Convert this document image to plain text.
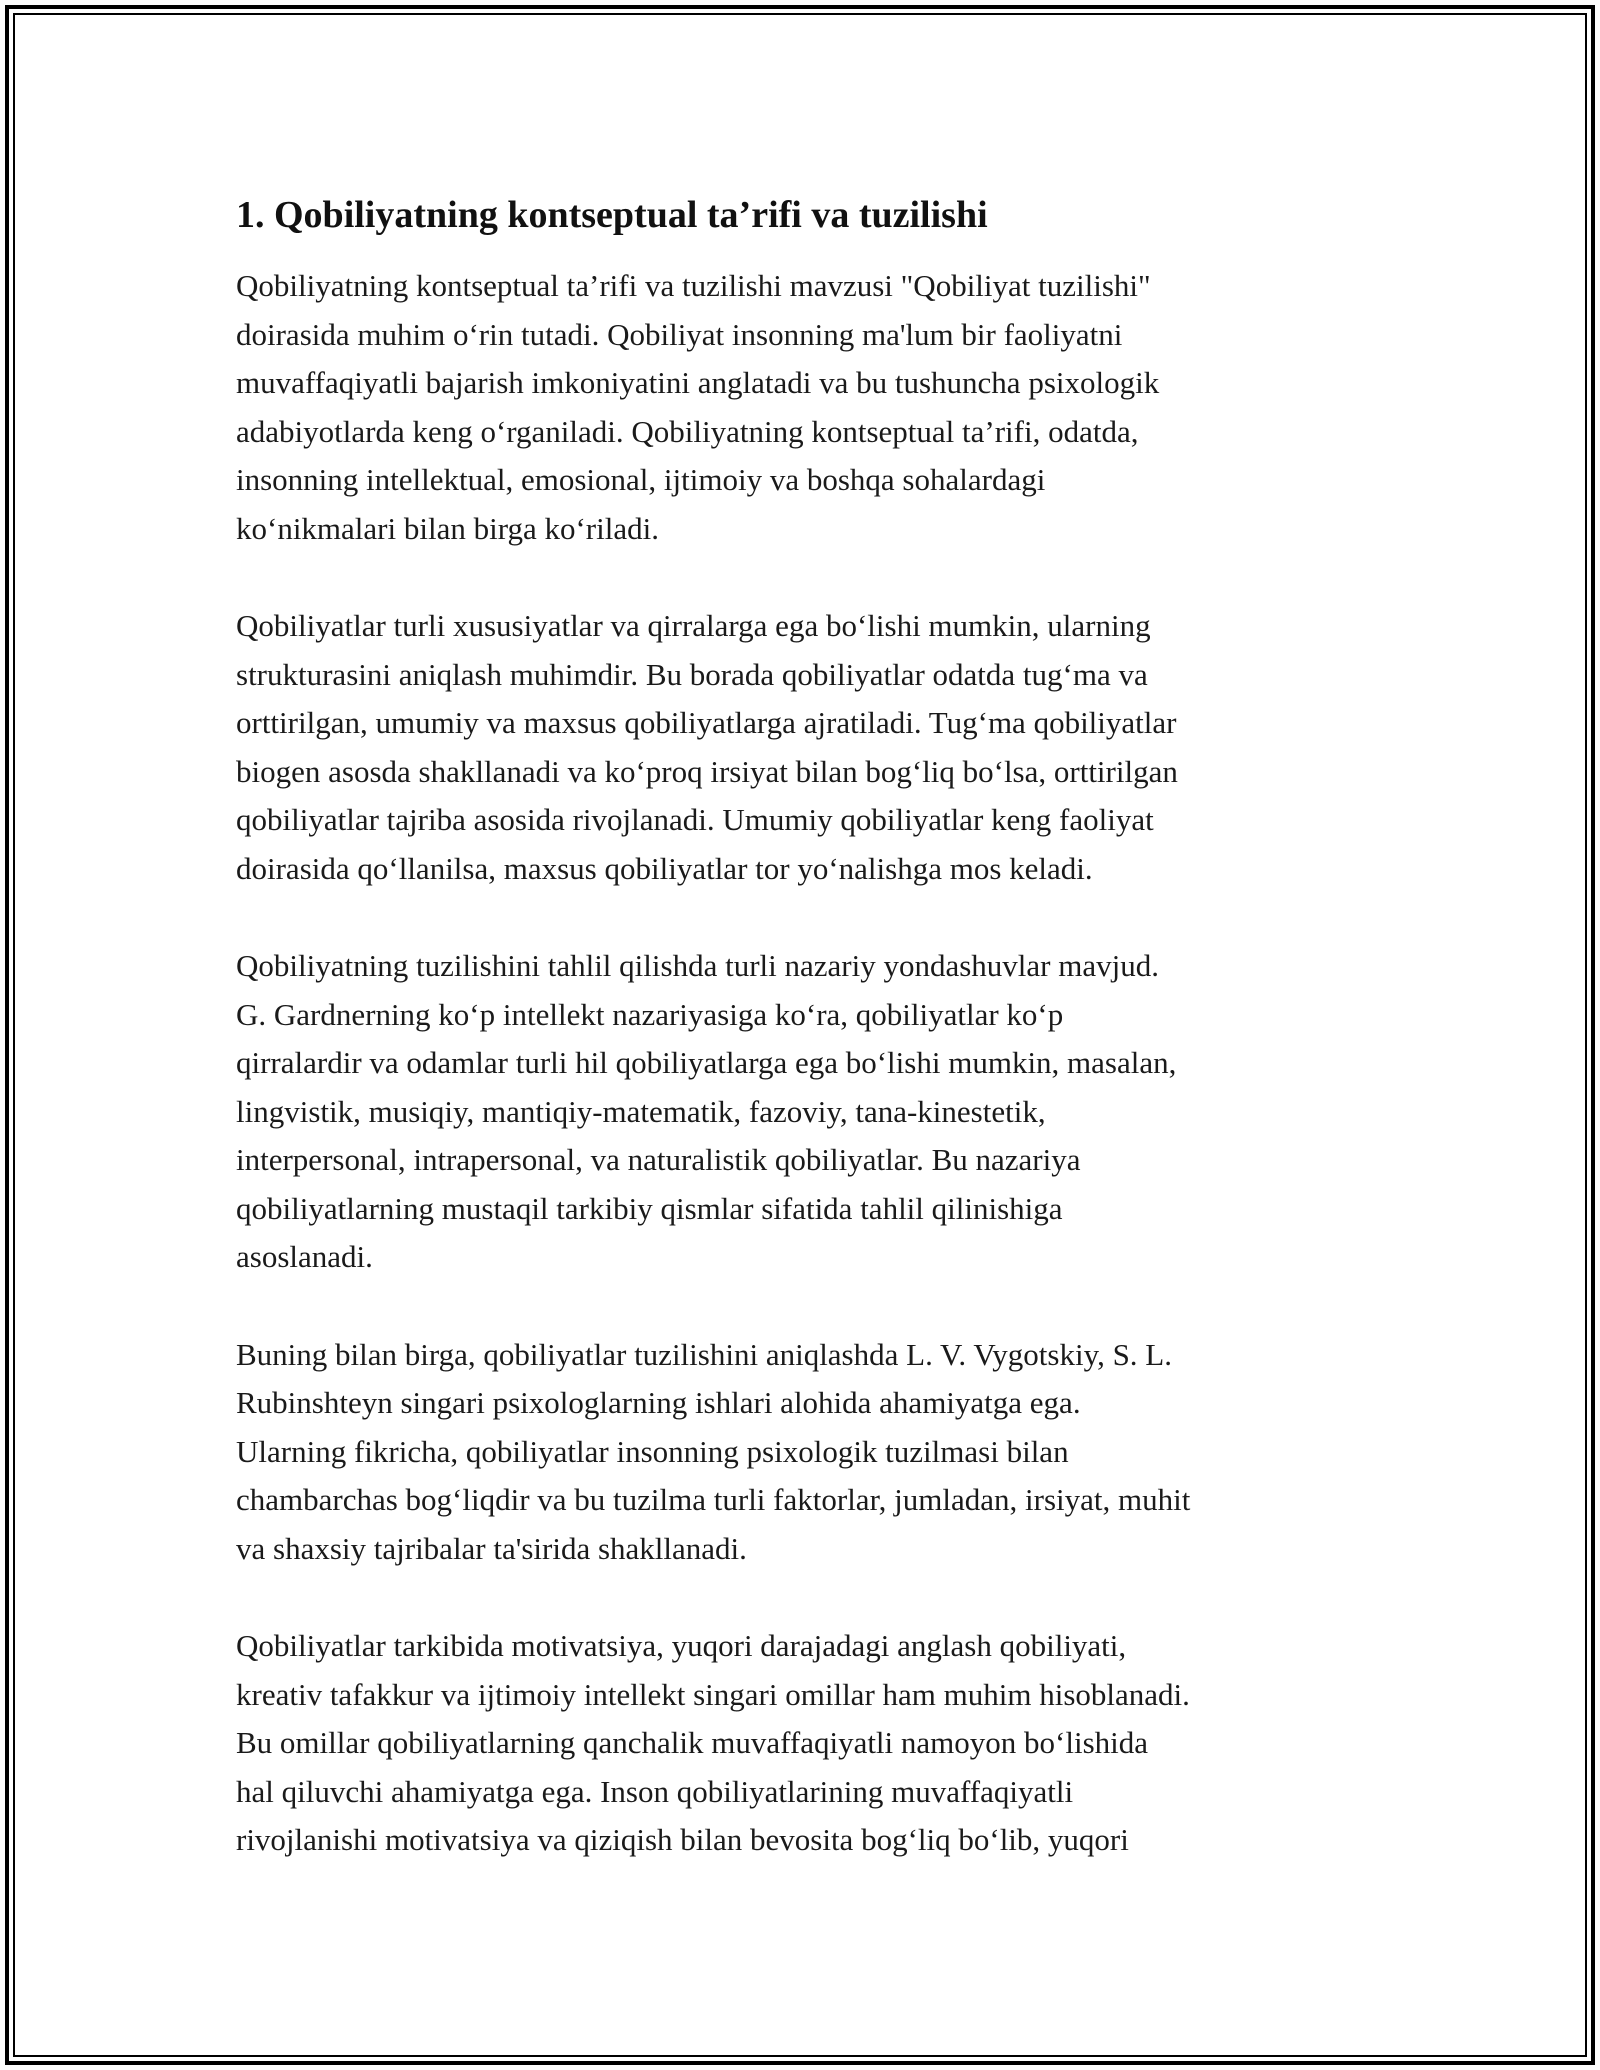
1. Qobiliyatning kontseptual ta’rifi va tuzilishi

Qobiliyatning kontseptual ta’rifi va tuzilishi mavzusi "Qobiliyat tuzilishi"
doirasida muhim o‘rin tutadi. Qobiliyat insonning ma'lum bir faoliyatni
muvaffaqiyatli bajarish imkoniyatini anglatadi va bu tushuncha psixologik
adabiyotlarda keng o‘rganiladi. Qobiliyatning kontseptual ta’rifi, odatda,
insonning intellektual, emosional, ijtimoiy va boshqa sohalardagi
ko‘nikmalari bilan birga ko‘riladi.

Qobiliyatlar turli xususiyatlar va qirralarga ega bo‘lishi mumkin, ularning
strukturasini aniqlash muhimdir. Bu borada qobiliyatlar odatda tug‘ma va
orttirilgan, umumiy va maxsus qobiliyatlarga ajratiladi. Tug‘ma qobiliyatlar
biogen asosda shakllanadi va ko‘proq irsiyat bilan bog‘liq bo‘lsa, orttirilgan
qobiliyatlar tajriba asosida rivojlanadi. Umumiy qobiliyatlar keng faoliyat
doirasida qo‘llanilsa, maxsus qobiliyatlar tor yo‘nalishga mos keladi.

Qobiliyatning tuzilishini tahlil qilishda turli nazariy yondashuvlar mavjud.
G. Gardnerning ko‘p intellekt nazariyasiga ko‘ra, qobiliyatlar ko‘p
qirralardir va odamlar turli hil qobiliyatlarga ega bo‘lishi mumkin, masalan,
lingvistik, musiqiy, mantiqiy-matematik, fazoviy, tana-kinestetik,
interpersonal, intrapersonal, va naturalistik qobiliyatlar. Bu nazariya
qobiliyatlarning mustaqil tarkibiy qismlar sifatida tahlil qilinishiga
asoslanadi.

Buning bilan birga, qobiliyatlar tuzilishini aniqlashda L. V. Vygotskiy, S. L.
Rubinshteyn singari psixologlarning ishlari alohida ahamiyatga ega.
Ularning fikricha, qobiliyatlar insonning psixologik tuzilmasi bilan
chambarchas bog‘liqdir va bu tuzilma turli faktorlar, jumladan, irsiyat, muhit
va shaxsiy tajribalar ta'sirida shakllanadi.

Qobiliyatlar tarkibida motivatsiya, yuqori darajadagi anglash qobiliyati,
kreativ tafakkur va ijtimoiy intellekt singari omillar ham muhim hisoblanadi.
Bu omillar qobiliyatlarning qanchalik muvaffaqiyatli namoyon bo‘lishida
hal qiluvchi ahamiyatga ega. Inson qobiliyatlarining muvaffaqiyatli
rivojlanishi motivatsiya va qiziqish bilan bevosita bog‘liq bo‘lib, yuqori
